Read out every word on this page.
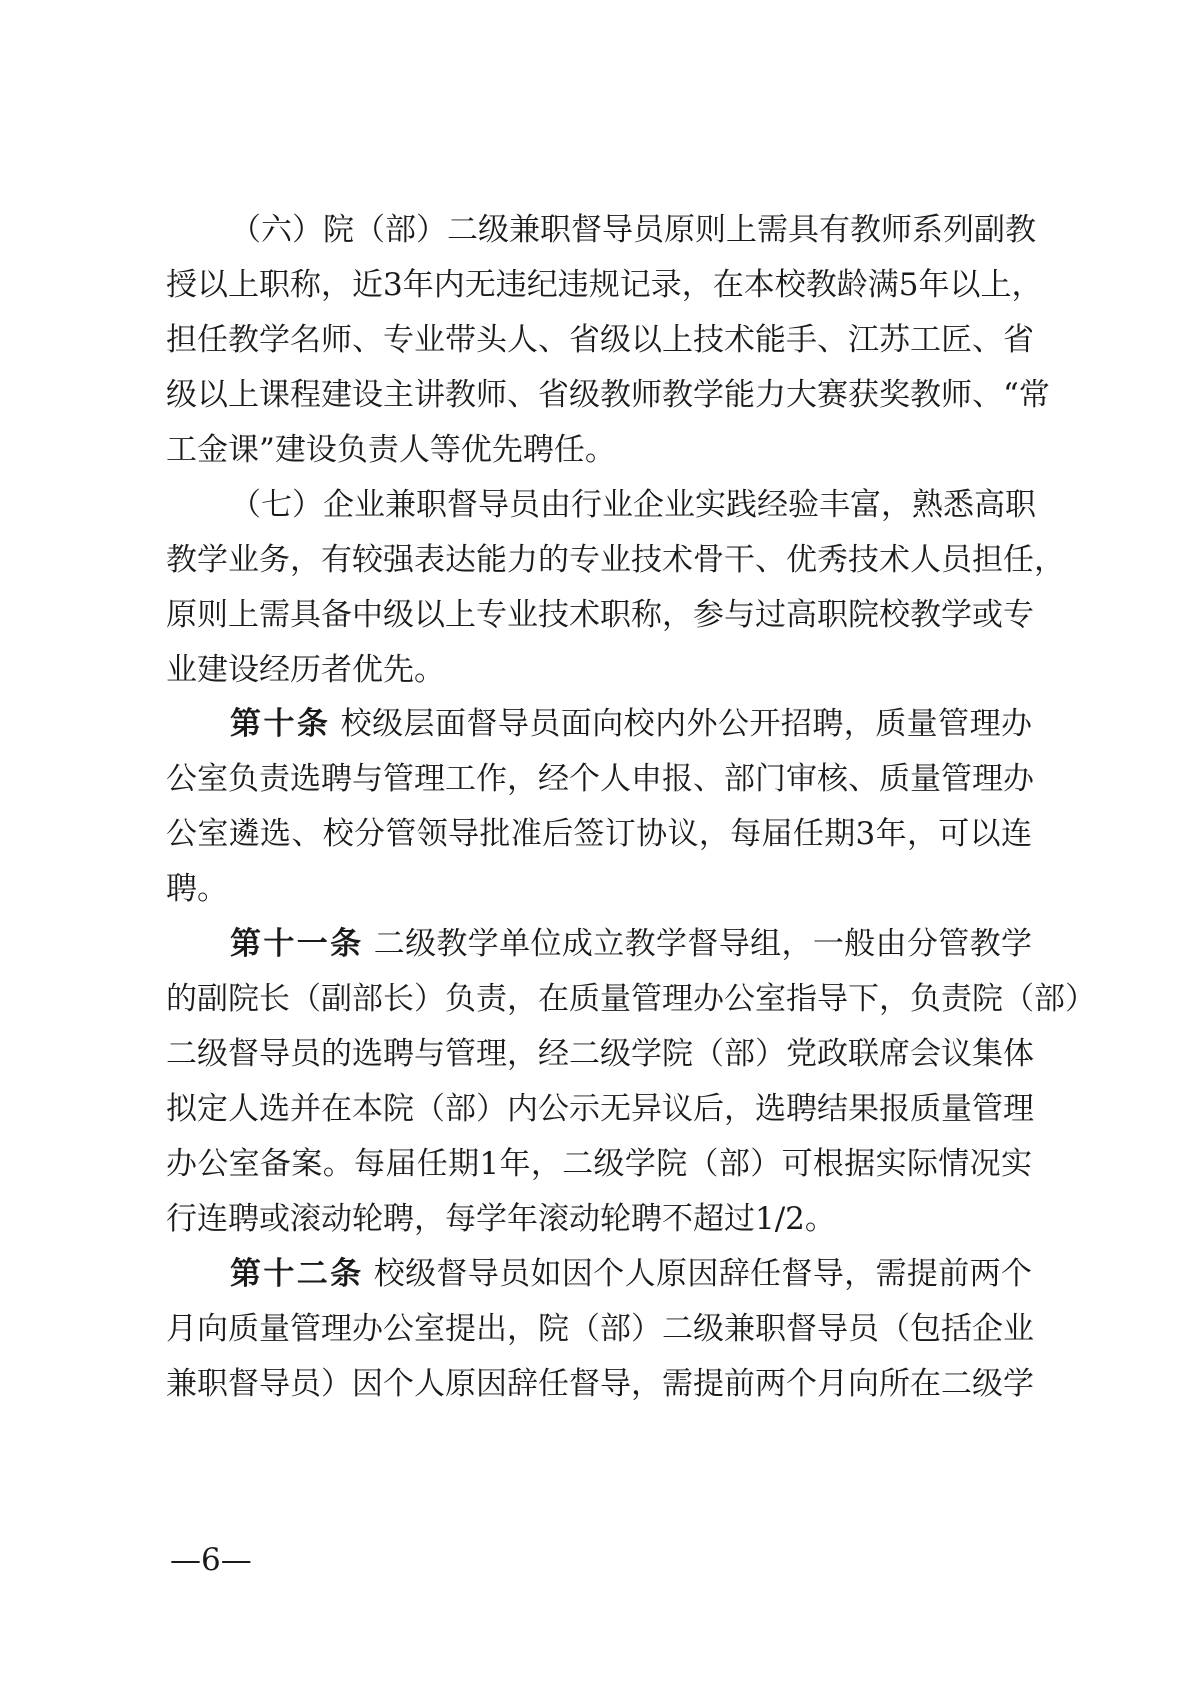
（六）院（部）二级兼职督导员原则上需具有教师系列副教
授以上职称，近3年内无违纪违规记录，在本校教龄满5年以上，
担任教学名师、专业带头人、省级以上技术能手、江苏工匠、省
级以上课程建设主讲教师、省级教师教学能力大赛获奖教师、“常
工金课”建设负责人等优先聘任。
（七）企业兼职督导员由行业企业实践经验丰富，熟悉高职
教学业务，有较强表达能力的专业技术骨干、优秀技术人员担任，
原则上需具备中级以上专业技术职称，参与过高职院校教学或专
业建设经历者优先。
第十条 校级层面督导员面向校内外公开招聘，质量管理办
公室负责选聘与管理工作，经个人申报、部门审核、质量管理办
公室遴选、校分管领导批准后签订协议，每届任期3年，可以连
聘。
第十一条 二级教学单位成立教学督导组，一般由分管教学
的副院长（副部长）负责，在质量管理办公室指导下，负责院（部）
二级督导员的选聘与管理，经二级学院（部）党政联席会议集体
拟定人选并在本院（部）内公示无异议后，选聘结果报质量管理
办公室备案。每届任期1年，二级学院（部）可根据实际情况实
行连聘或滚动轮聘，每学年滚动轮聘不超过1/2。
第十二条 校级督导员如因个人原因辞任督导，需提前两个
月向质量管理办公室提出，院（部）二级兼职督导员（包括企业
兼职督导员）因个人原因辞任督导，需提前两个月向所在二级学
—6—
